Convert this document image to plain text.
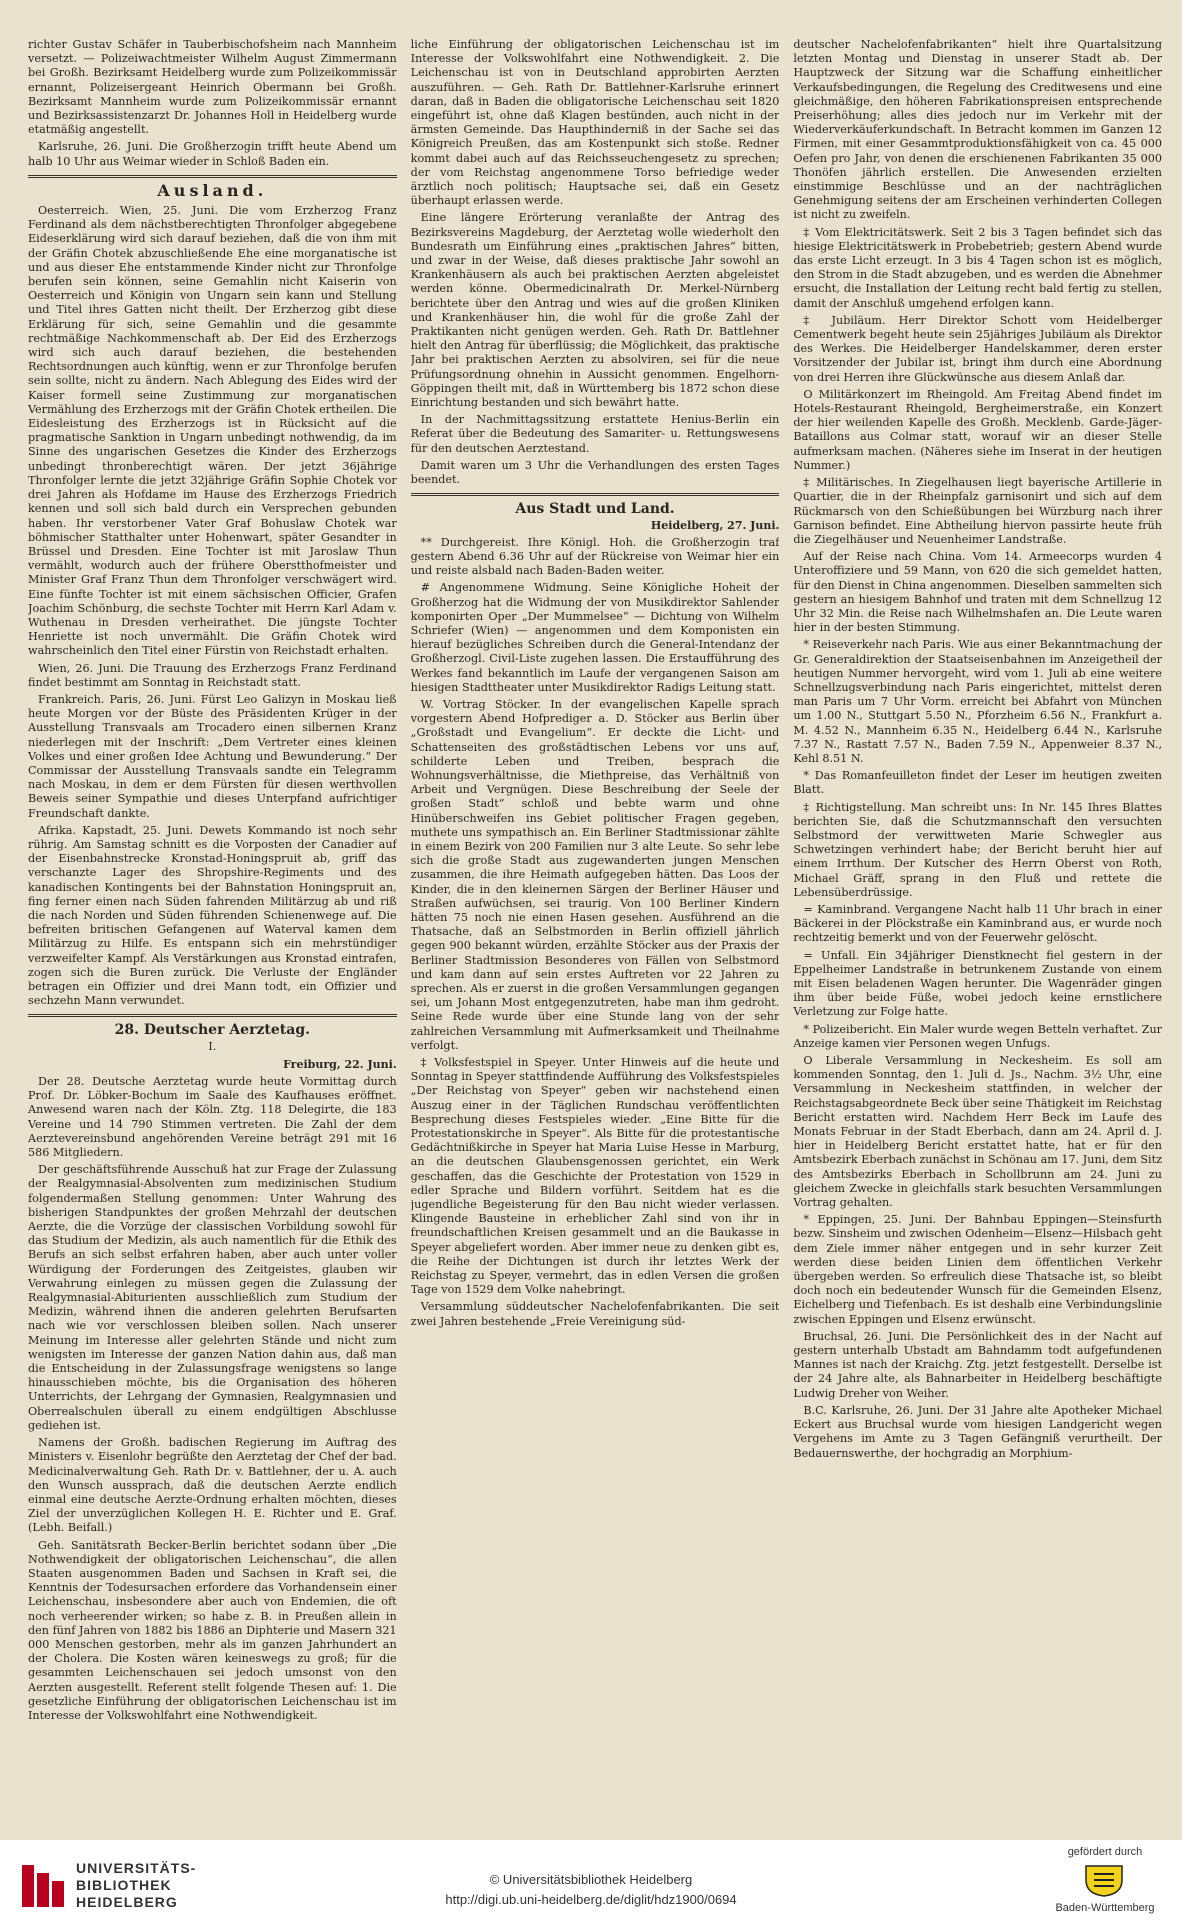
richter Gustav Schäfer in Tauberbischofsheim nach Mannheim versetzt. — Polizeiwachtmeister Wilhelm August Zimmermann bei Großh. Bezirksamt Heidelberg wurde zum Polizeikommissär ernannt, Polizeisergeant Heinrich Obermann bei Großh. Bezirksamt Mannheim wurde zum Polizeikommissär ernannt und Bezirksassistenzarzt Dr. Johannes Holl in Heidelberg wurde etatmäßig angestellt.

Karlsruhe, 26. Juni. Die Großherzogin trifft heute Abend um halb 10 Uhr aus Weimar wieder in Schloß Baden ein.

Ausland.

Oesterreich. Wien, 25. Juni. Die vom Erzherzog Franz Ferdinand als dem nächstberechtigten Thronfolger abgegebene Eideserklärung wird sich darauf beziehen, daß die von ihm mit der Gräfin Chotek abzuschließende Ehe eine morganatische ist und aus dieser Ehe entstammende Kinder nicht zur Thronfolge berufen sein können, seine Gemahlin nicht Kaiserin von Oesterreich und Königin von Ungarn sein kann und Stellung und Titel ihres Gatten nicht theilt. Der Erzherzog gibt diese Erklärung für sich, seine Gemahlin und die gesammte rechtmäßige Nachkommenschaft ab. Der Eid des Erzherzogs wird sich auch darauf beziehen, die bestehenden Rechtsordnungen auch künftig, wenn er zur Thronfolge berufen sein sollte, nicht zu ändern. Nach Ablegung des Eides wird der Kaiser formell seine Zustimmung zur morganatischen Vermählung des Erzherzogs mit der Gräfin Chotek ertheilen. Die Eidesleistung des Erzherzogs ist in Rücksicht auf die pragmatische Sanktion in Ungarn unbedingt nothwendig, da im Sinne des ungarischen Gesetzes die Kinder des Erzherzogs unbedingt thronberechtigt wären. Der jetzt 36jährige Thronfolger lernte die jetzt 32jährige Gräfin Sophie Chotek vor drei Jahren als Hofdame im Hause des Erzherzogs Friedrich kennen und soll sich bald durch ein Versprechen gebunden haben. Ihr verstorbener Vater Graf Bohuslaw Chotek war böhmischer Statthalter unter Hohenwart, später Gesandter in Brüssel und Dresden. Eine Tochter ist mit Jaroslaw Thun vermählt, wodurch auch der frühere Oberstthofmeister und Minister Graf Franz Thun dem Thronfolger verschwägert wird. Eine fünfte Tochter ist mit einem sächsischen Officier, Grafen Joachim Schönburg, die sechste Tochter mit Herrn Karl Adam v. Wuthenau in Dresden verheirathet. Die jüngste Tochter Henriette ist noch unvermählt. Die Gräfin Chotek wird wahrscheinlich den Titel einer Fürstin von Reichstadt erhalten.

Wien, 26. Juni. Die Trauung des Erzherzogs Franz Ferdinand findet bestimmt am Sonntag in Reichstadt statt.

Frankreich. Paris, 26. Juni. Fürst Leo Galizyn in Moskau ließ heute Morgen vor der Büste des Präsidenten Krüger in der Ausstellung Transvaals am Trocadero einen silbernen Kranz niederlegen mit der Inschrift: „Dem Vertreter eines kleinen Volkes und einer großen Idee Achtung und Bewunderung.“ Der Commissar der Ausstellung Transvaals sandte ein Telegramm nach Moskau, in dem er dem Fürsten für diesen werthvollen Beweis seiner Sympathie und dieses Unterpfand aufrichtiger Freundschaft dankte.

Afrika. Kapstadt, 25. Juni. Dewets Kommando ist noch sehr rührig. Am Samstag schnitt es die Vorposten der Canadier auf der Eisenbahnstrecke Kronstad-Honingspruit ab, griff das verschanzte Lager des Shropshire-Regiments und des kanadischen Kontingents bei der Bahnstation Honingspruit an, fing ferner einen nach Süden fahrenden Militärzug ab und riß die nach Norden und Süden führenden Schienenwege auf. Die befreiten britischen Gefangenen auf Waterval kamen dem Militärzug zu Hilfe. Es entspann sich ein mehrstündiger verzweifelter Kampf. Als Verstärkungen aus Kronstad eintrafen, zogen sich die Buren zurück. Die Verluste der Engländer betragen ein Offizier und drei Mann todt, ein Offizier und sechzehn Mann verwundet.

28. Deutscher Aerztetag.
I.
Freiburg, 22. Juni.

Der 28. Deutsche Aerztetag wurde heute Vormittag durch Prof. Dr. Löbker-Bochum im Saale des Kaufhauses eröffnet. Anwesend waren nach der Köln. Ztg. 118 Delegirte, die 183 Vereine und 14 790 Stimmen vertreten. Die Zahl der dem Aerztevereinsbund angehörenden Vereine beträgt 291 mit 16 586 Mitgliedern.

Der geschäftsführende Ausschuß hat zur Frage der Zulassung der Realgymnasial-Absolventen zum medizinischen Studium folgendermaßen Stellung genommen: Unter Wahrung des bisherigen Standpunktes der großen Mehrzahl der deutschen Aerzte, die die Vorzüge der classischen Vorbildung sowohl für das Studium der Medizin, als auch namentlich für die Ethik des Berufs an sich selbst erfahren haben, aber auch unter voller Würdigung der Forderungen des Zeitgeistes, glauben wir Verwahrung einlegen zu müssen gegen die Zulassung der Realgymnasial-Abiturienten ausschließlich zum Studium der Medizin, während ihnen die anderen gelehrten Berufsarten nach wie vor verschlossen bleiben sollen. Nach unserer Meinung im Interesse aller gelehrten Stände und nicht zum wenigsten im Interesse der ganzen Nation dahin aus, daß man die Entscheidung in der Zulassungsfrage wenigstens so lange hinausschieben möchte, bis die Organisation des höheren Unterrichts, der Lehrgang der Gymnasien, Realgymnasien und Oberrealschulen überall zu einem endgültigen Abschlusse gediehen ist.

Namens der Großh. badischen Regierung im Auftrag des Ministers v. Eisenlohr begrüßte den Aerztetag der Chef der bad. Medicinalverwaltung Geh. Rath Dr. v. Battlehner, der u. A. auch den Wunsch aussprach, daß die deutschen Aerzte endlich einmal eine deutsche Aerzte-Ordnung erhalten möchten, dieses Ziel der unverzüglichen Kollegen H. E. Richter und E. Graf. (Lebh. Beifall.)

Geh. Sanitätsrath Becker-Berlin berichtet sodann über „Die Nothwendigkeit der obligatorischen Leichenschau“, die allen Staaten ausgenommen Baden und Sachsen in Kraft sei, die Kenntnis der Todesursachen erfordere das Vorhandensein einer Leichenschau, insbesondere aber auch von Endemien, die oft noch verheerender wirken; so habe z. B. in Preußen allein in den fünf Jahren von 1882 bis 1886 an Diphterie und Masern 321 000 Menschen gestorben, mehr als im ganzen Jahrhundert an der Cholera. Die Kosten wären keineswegs zu groß; für die gesammten Leichenschauen sei jedoch umsonst von den Aerzten ausgestellt. Referent stellt folgende Thesen auf: 1. Die gesetzliche Einführung der obligatorischen Leichenschau ist im Interesse der Volkswohlfahrt eine Nothwendigkeit.

liche Einführung der obligatorischen Leichenschau ist im Interesse der Volkswohlfahrt eine Nothwendigkeit. 2. Die Leichenschau ist von in Deutschland approbirten Aerzten auszuführen. — Geh. Rath Dr. Battlehner-Karlsruhe erinnert daran, daß in Baden die obligatorische Leichenschau seit 1820 eingeführt ist, ohne daß Klagen bestünden, auch nicht in der ärmsten Gemeinde. Das Haupthinderniß in der Sache sei das Königreich Preußen, das am Kostenpunkt sich stoße. Redner kommt dabei auch auf das Reichsseuchengesetz zu sprechen; der vom Reichstag angenommene Torso befriedige weder ärztlich noch politisch; Hauptsache sei, daß ein Gesetz überhaupt erlassen werde.

Eine längere Erörterung veranlaßte der Antrag des Bezirksvereins Magdeburg, der Aerztetag wolle wiederholt den Bundesrath um Einführung eines „praktischen Jahres“ bitten, und zwar in der Weise, daß dieses praktische Jahr sowohl an Krankenhäusern als auch bei praktischen Aerzten abgeleistet werden könne. Obermedicinalrath Dr. Merkel-Nürnberg berichtete über den Antrag und wies auf die großen Kliniken und Krankenhäuser hin, die wohl für die große Zahl der Praktikanten nicht genügen werden. Geh. Rath Dr. Battlehner hielt den Antrag für überflüssig; die Möglichkeit, das praktische Jahr bei praktischen Aerzten zu absolviren, sei für die neue Prüfungsordnung ohnehin in Aussicht genommen. Engelhorn-Göppingen theilt mit, daß in Württemberg bis 1872 schon diese Einrichtung bestanden und sich bewährt hatte.

In der Nachmittagssitzung erstattete Henius-Berlin ein Referat über die Bedeutung des Samariter- u. Rettungswesens für den deutschen Aerztestand.

Damit waren um 3 Uhr die Verhandlungen des ersten Tages beendet.

Aus Stadt und Land.
Heidelberg, 27. Juni.

** Durchgereist. Ihre Königl. Hoh. die Großherzogin traf gestern Abend 6.36 Uhr auf der Rückreise von Weimar hier ein und reiste alsbald nach Baden-Baden weiter.

# Angenommene Widmung. Seine Königliche Hoheit der Großherzog hat die Widmung der von Musikdirektor Sahlender komponirten Oper „Der Mummelsee“ — Dichtung von Wilhelm Schriefer (Wien) — angenommen und dem Komponisten ein hierauf bezügliches Schreiben durch die General-Intendanz der Großherzogl. Civil-Liste zugehen lassen. Die Erstaufführung des Werkes fand bekanntlich im Laufe der vergangenen Saison am hiesigen Stadttheater unter Musikdirektor Radigs Leitung statt.

W. Vortrag Stöcker. In der evangelischen Kapelle sprach vorgestern Abend Hofprediger a. D. Stöcker aus Berlin über „Großstadt und Evangelium“. Er deckte die Licht- und Schattenseiten des großstädtischen Lebens vor uns auf, schilderte Leben und Treiben, besprach die Wohnungsverhältnisse, die Miethpreise, das Verhältniß von Arbeit und Vergnügen. Diese Beschreibung der Seele der großen Stadt“ schloß und bebte warm und ohne Hinüberschweifen ins Gebiet politischer Fragen gegeben, muthete uns sympathisch an. Ein Berliner Stadtmissionar zählte in einem Bezirk von 200 Familien nur 3 alte Leute. So sehr lebe sich die große Stadt aus zugewanderten jungen Menschen zusammen, die ihre Heimath aufgegeben hätten. Das Loos der Kinder, die in den kleinernen Särgen der Berliner Häuser und Straßen aufwüchsen, sei traurig. Von 100 Berliner Kindern hätten 75 noch nie einen Hasen gesehen. Ausführend an die Thatsache, daß an Selbstmorden in Berlin offiziell jährlich gegen 900 bekannt würden, erzählte Stöcker aus der Praxis der Berliner Stadtmission Besonderes von Fällen von Selbstmord und kam dann auf sein erstes Auftreten vor 22 Jahren zu sprechen. Als er zuerst in die großen Versammlungen gegangen sei, um Johann Most entgegenzutreten, habe man ihm gedroht. Seine Rede wurde über eine Stunde lang von der sehr zahlreichen Versammlung mit Aufmerksamkeit und Theilnahme verfolgt.

‡ Volksfestspiel in Speyer. Unter Hinweis auf die heute und Sonntag in Speyer stattfindende Aufführung des Volksfestspieles „Der Reichstag von Speyer“ geben wir nachstehend einen Auszug einer in der Täglichen Rundschau veröffentlichten Besprechung dieses Festspieles wieder. „Eine Bitte für die Protestationskirche in Speyer“. Als Bitte für die protestantische Gedächtnißkirche in Speyer hat Maria Luise Hesse in Marburg, an die deutschen Glaubensgenossen gerichtet, ein Werk geschaffen, das die Geschichte der Protestation von 1529 in edler Sprache und Bildern vorführt. Seitdem hat es die jugendliche Begeisterung für den Bau nicht wieder verlassen. Klingende Bausteine in erheblicher Zahl sind von ihr in freundschaftlichen Kreisen gesammelt und an die Baukasse in Speyer abgeliefert worden. Aber immer neue zu denken gibt es, die Reihe der Dichtungen ist durch ihr letztes Werk der Reichstag zu Speyer, vermehrt, das in edlen Versen die großen Tage von 1529 dem Volke nahebringt.

Versammlung süddeutscher Nachelofenfabrikanten. Die seit zwei Jahren bestehende „Freie Vereinigung süd-

deutscher Nachelofenfabrikanten“ hielt ihre Quartalsitzung letzten Montag und Dienstag in unserer Stadt ab. Der Hauptzweck der Sitzung war die Schaffung einheitlicher Verkaufsbedingungen, die Regelung des Creditwesens und eine gleichmäßige, den höheren Fabrikationspreisen entsprechende Preiserhöhung; alles dies jedoch nur im Verkehr mit der Wiederverkäuferkundschaft. In Betracht kommen im Ganzen 12 Firmen, mit einer Gesammtproduktionsfähigkeit von ca. 45 000 Oefen pro Jahr, von denen die erschienenen Fabrikanten 35 000 Thonöfen jährlich erstellen. Die Anwesenden erzielten einstimmige Beschlüsse und an der nachträglichen Genehmigung seitens der am Erscheinen verhinderten Collegen ist nicht zu zweifeln.

‡ Vom Elektricitätswerk. Seit 2 bis 3 Tagen befindet sich das hiesige Elektricitätswerk in Probebetrieb; gestern Abend wurde das erste Licht erzeugt. In 3 bis 4 Tagen schon ist es möglich, den Strom in die Stadt abzugeben, und es werden die Abnehmer ersucht, die Installation der Leitung recht bald fertig zu stellen, damit der Anschluß umgehend erfolgen kann.

‡ Jubiläum. Herr Direktor Schott vom Heidelberger Cementwerk begeht heute sein 25jähriges Jubiläum als Direktor des Werkes. Die Heidelberger Handelskammer, deren erster Vorsitzender der Jubilar ist, bringt ihm durch eine Abordnung von drei Herren ihre Glückwünsche aus diesem Anlaß dar.

O Militärkonzert im Rheingold. Am Freitag Abend findet im Hotels-Restaurant Rheingold, Bergheimerstraße, ein Konzert der hier weilenden Kapelle des Großh. Mecklenb. Garde-Jäger-Bataillons aus Colmar statt, worauf wir an dieser Stelle aufmerksam machen. (Näheres siehe im Inserat in der heutigen Nummer.)

‡ Militärisches. In Ziegelhausen liegt bayerische Artillerie in Quartier, die in der Rheinpfalz garnisonirt und sich auf dem Rückmarsch von den Schießübungen bei Würzburg nach ihrer Garnison befindet. Eine Abtheilung hiervon passirte heute früh die Ziegelhäuser und Neuenheimer Landstraße.

Auf der Reise nach China. Vom 14. Armeecorps wurden 4 Unteroffiziere und 59 Mann, von 620 die sich gemeldet hatten, für den Dienst in China angenommen. Dieselben sammelten sich gestern an hiesigem Bahnhof und traten mit dem Schnellzug 12 Uhr 32 Min. die Reise nach Wilhelmshafen an. Die Leute waren hier in der besten Stimmung.

* Reiseverkehr nach Paris. Wie aus einer Bekanntmachung der Gr. Generaldirektion der Staatseisenbahnen im Anzeigetheil der heutigen Nummer hervorgeht, wird vom 1. Juli ab eine weitere Schnellzugsverbindung nach Paris eingerichtet, mittelst deren man Paris um 7 Uhr Vorm. erreicht bei Abfahrt von München um 1.00 N., Stuttgart 5.50 N., Pforzheim 6.56 N., Frankfurt a. M. 4.52 N., Mannheim 6.35 N., Heidelberg 6.44 N., Karlsruhe 7.37 N., Rastatt 7.57 N., Baden 7.59 N., Appenweier 8.37 N., Kehl 8.51 N.

* Das Romanfeuilleton findet der Leser im heutigen zweiten Blatt.

‡ Richtigstellung. Man schreibt uns: In Nr. 145 Ihres Blattes berichten Sie, daß die Schutzmannschaft den versuchten Selbstmord der verwittweten Marie Schwegler aus Schwetzingen verhindert habe; der Bericht beruht hier auf einem Irrthum. Der Kutscher des Herrn Oberst von Roth, Michael Gräff, sprang in den Fluß und rettete die Lebensüberdrüssige.

= Kaminbrand. Vergangene Nacht halb 11 Uhr brach in einer Bäckerei in der Plöckstraße ein Kaminbrand aus, er wurde noch rechtzeitig bemerkt und von der Feuerwehr gelöscht.

= Unfall. Ein 34jähriger Dienstknecht fiel gestern in der Eppelheimer Landstraße in betrunkenem Zustande von einem mit Eisen beladenen Wagen herunter. Die Wagenräder gingen ihm über beide Füße, wobei jedoch keine ernstlichere Verletzung zur Folge hatte.

* Polizeibericht. Ein Maler wurde wegen Betteln verhaftet. Zur Anzeige kamen vier Personen wegen Unfugs.

O Liberale Versammlung in Neckesheim. Es soll am kommenden Sonntag, den 1. Juli d. Js., Nachm. 3½ Uhr, eine Versammlung in Neckesheim stattfinden, in welcher der Reichstagsabgeordnete Beck über seine Thätigkeit im Reichstag Bericht erstatten wird. Nachdem Herr Beck im Laufe des Monats Februar in der Stadt Eberbach, dann am 24. April d. J. hier in Heidelberg Bericht erstattet hatte, hat er für den Amtsbezirk Eberbach zunächst in Schönau am 17. Juni, dem Sitz des Amtsbezirks Eberbach in Schollbrunn am 24. Juni zu gleichem Zwecke in gleichfalls stark besuchten Versammlungen Vortrag gehalten.

* Eppingen, 25. Juni. Der Bahnbau Eppingen—Steinsfurth bezw. Sinsheim und zwischen Odenheim—Elsenz—Hilsbach geht dem Ziele immer näher entgegen und in sehr kurzer Zeit werden diese beiden Linien dem öffentlichen Verkehr übergeben werden. So erfreulich diese Thatsache ist, so bleibt doch noch ein bedeutender Wunsch für die Gemeinden Elsenz, Eichelberg und Tiefenbach. Es ist deshalb eine Verbindungslinie zwischen Eppingen und Elsenz erwünscht.

Bruchsal, 26. Juni. Die Persönlichkeit des in der Nacht auf gestern unterhalb Ubstadt am Bahndamm todt aufgefundenen Mannes ist nach der Kraichg. Ztg. jetzt festgestellt. Derselbe ist der 24 Jahre alte, als Bahnarbeiter in Heidelberg beschäftigte Ludwig Dreher von Weiher.

B.C. Karlsruhe, 26. Juni. Der 31 Jahre alte Apotheker Michael Eckert aus Bruchsal wurde vom hiesigen Landgericht wegen Vergehens im Amte zu 3 Tagen Gefängniß verurtheilt. Der Bedauernswerthe, der hochgradig an Morphium-

UNIVERSITÄTS-
BIBLIOTHEK
HEIDELBERG
© Universitätsbibliothek Heidelberg
http://digi.ub.uni-heidelberg.de/diglit/hdz1900/0694
gefördert durch
Baden-Württemberg
